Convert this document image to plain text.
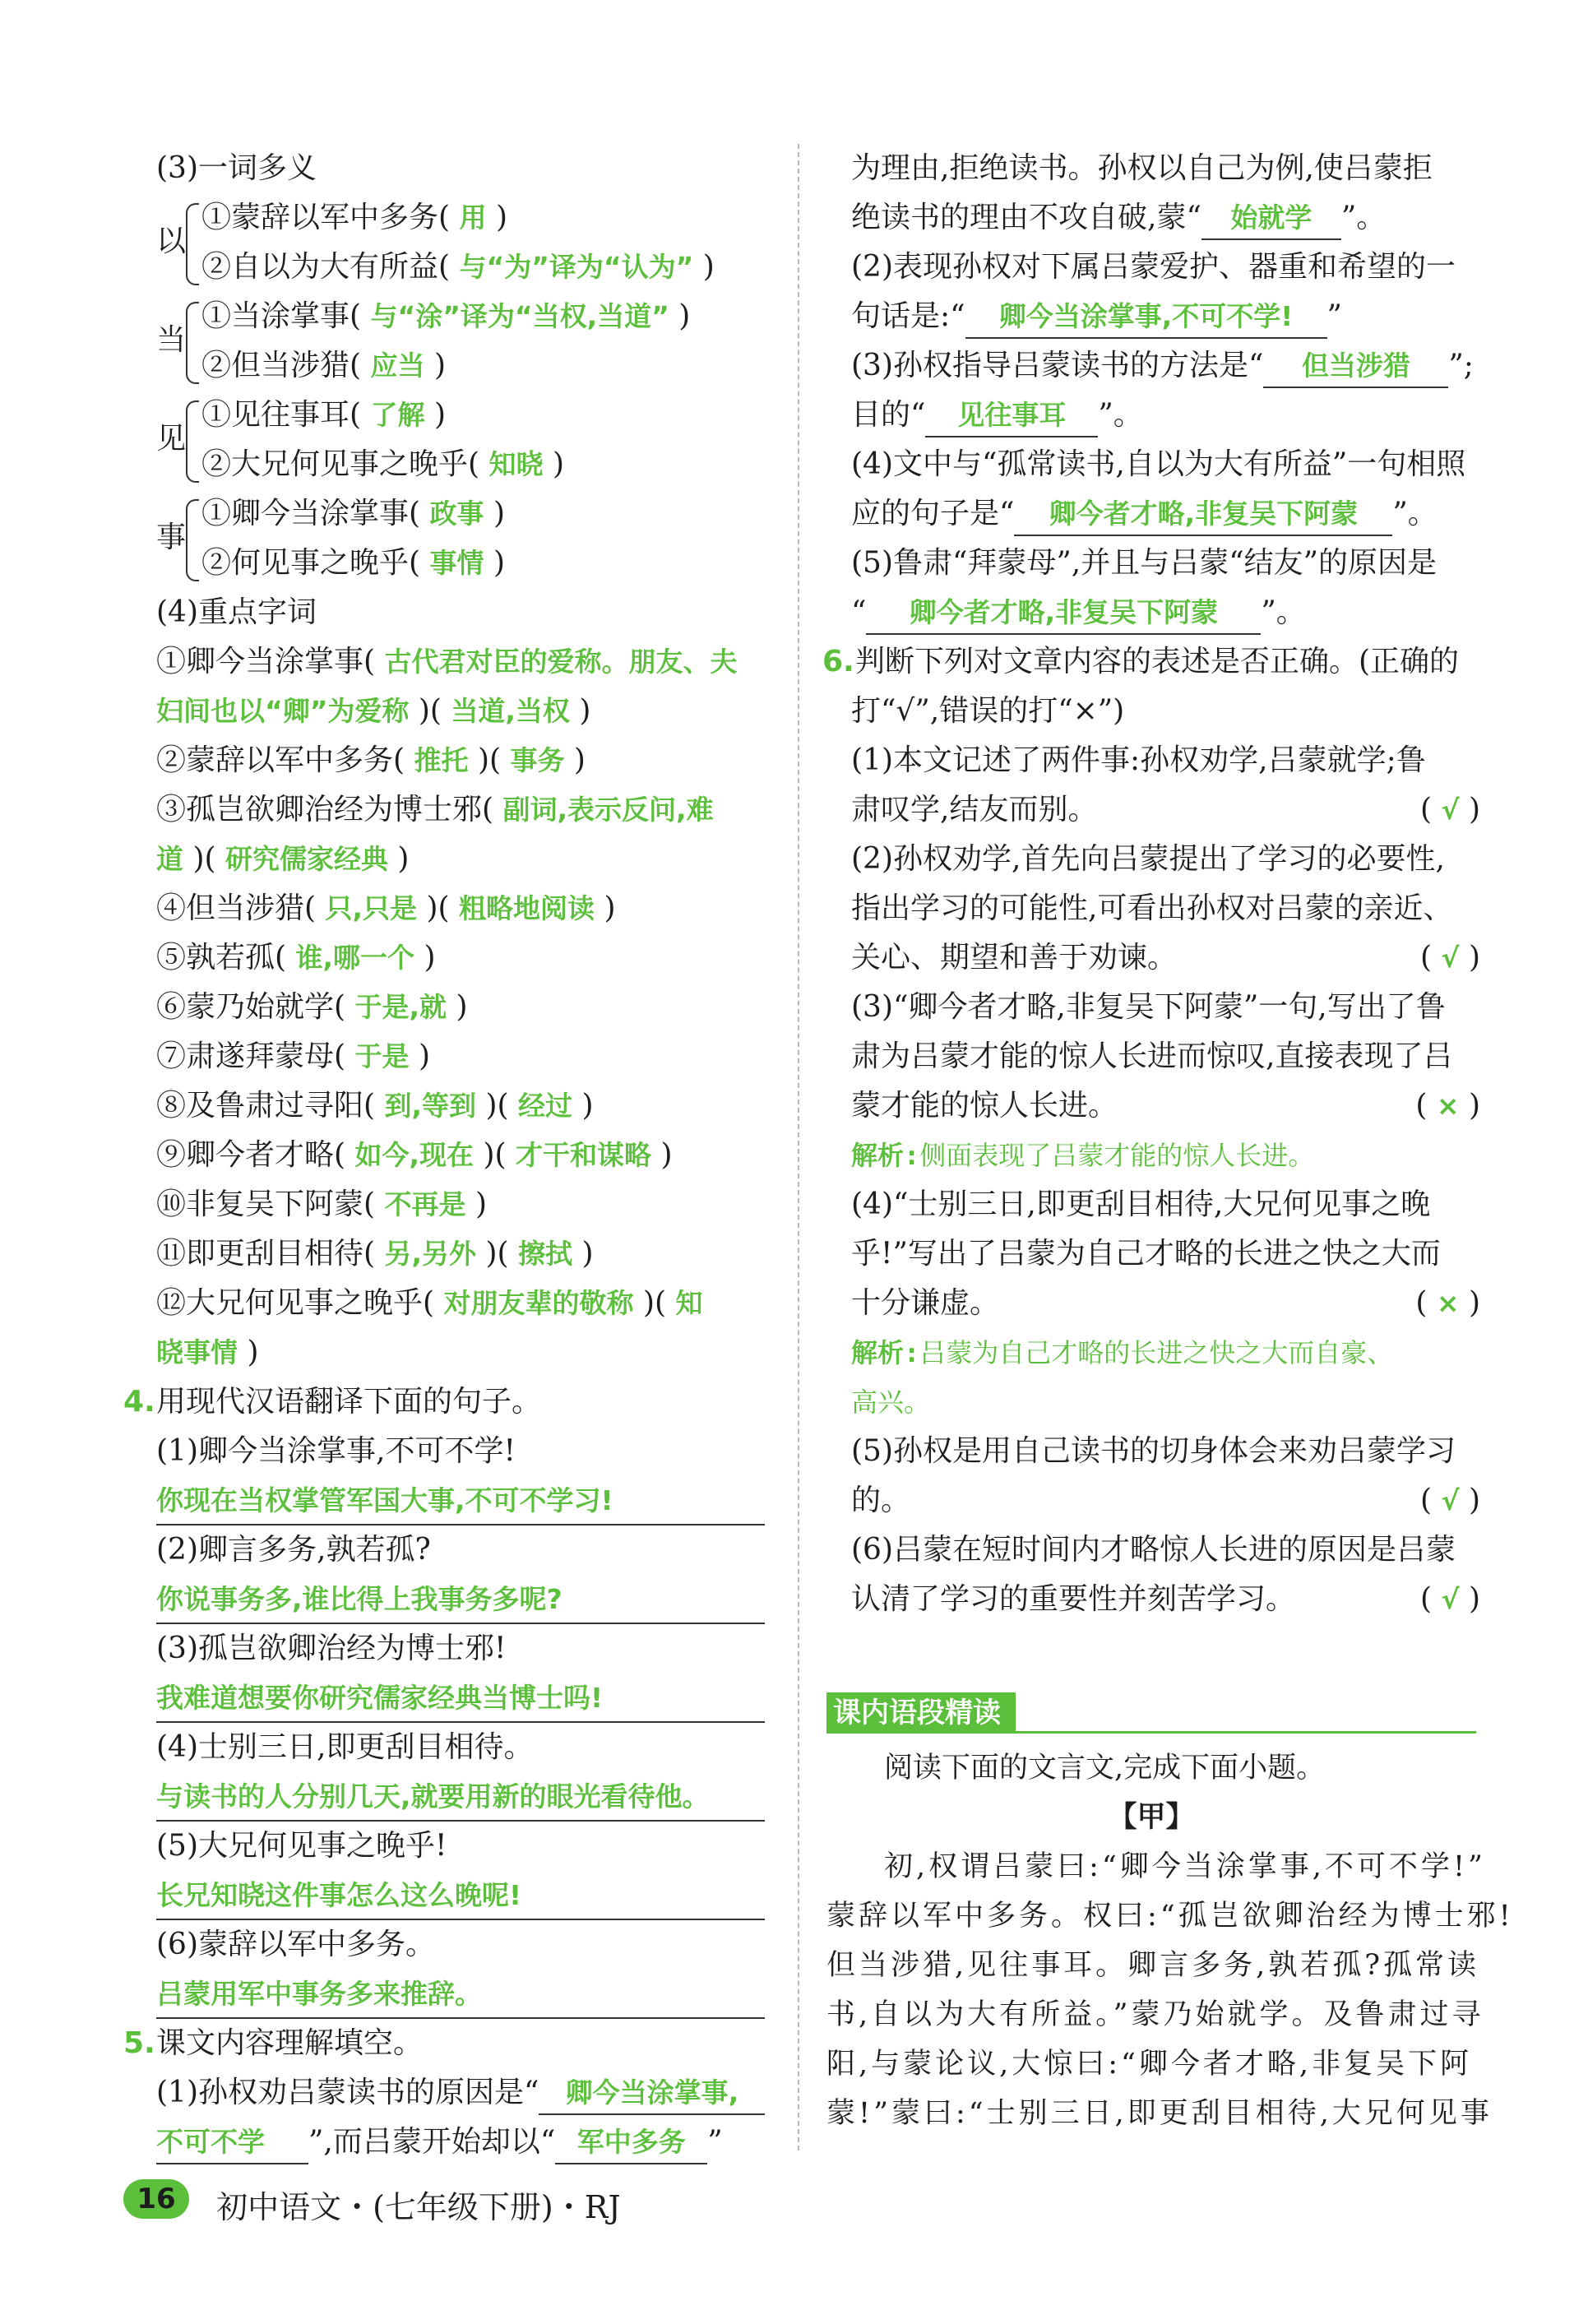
(3)一词多义
以
①蒙辞以军中多务( 用 )
②自以为大有所益( 与“为”译为“认为” )
当
①当涂掌事( 与“涂”译为“当权,当道” )
②但当涉猎( 应当 )
见
①见往事耳( 了解 )
②大兄何见事之晚乎( 知晓 )
事
①卿今当涂掌事( 政事 )
②何见事之晚乎( 事情 )
(4)重点字词
①卿今当涂掌事( 古代君对臣的爱称。朋友、夫
妇间也以“卿”为爱称 )( 当道,当权 )
②蒙辞以军中多务( 推托 )( 事务 )
③孤岂欲卿治经为博士邪( 副词,表示反问,难
道 )( 研究儒家经典 )
④但当涉猎( 只,只是 )( 粗略地阅读 )
⑤孰若孤( 谁,哪一个 )
⑥蒙乃始就学( 于是,就 )
⑦肃遂拜蒙母( 于是 )
⑧及鲁肃过寻阳( 到,等到 )( 经过 )
⑨卿今者才略( 如今,现在 )( 才干和谋略 )
⑩非复吴下阿蒙( 不再是 )
⑪即更刮目相待( 另,另外 )( 擦拭 )
⑫大兄何见事之晚乎( 对朋友辈的敬称 )( 知
晓事情 )
4.用现代汉语翻译下面的句子。
(1)卿今当涂掌事,不可不学!
你现在当权掌管军国大事,不可不学习!
(2)卿言多务,孰若孤?
你说事务多,谁比得上我事务多呢?
(3)孤岂欲卿治经为博士邪!
我难道想要你研究儒家经典当博士吗!
(4)士别三日,即更刮目相待。
与读书的人分别几天,就要用新的眼光看待他。
(5)大兄何见事之晚乎!
长兄知晓这件事怎么这么晚呢!
(6)蒙辞以军中多务。
吕蒙用军中事务多来推辞。
5.课文内容理解填空。
(1)孙权劝吕蒙读书的原因是“ 卿今当涂掌事,
不可不学 ”,而吕蒙开始却以“ 军中多务 ”
为理由,拒绝读书。孙权以自己为例,使吕蒙拒
绝读书的理由不攻自破,蒙“ 始就学 ”。
(2)表现孙权对下属吕蒙爱护、器重和希望的一
句话是:“ 卿今当涂掌事,不可不学! ”
(3)孙权指导吕蒙读书的方法是“ 但当涉猎 ”;
目的“ 见往事耳 ”。
(4)文中与“孤常读书,自以为大有所益”一句相照
应的句子是“ 卿今者才略,非复吴下阿蒙 ”。
(5)鲁肃“拜蒙母”,并且与吕蒙“结友”的原因是
“ 卿今者才略,非复吴下阿蒙 ”。
6.判断下列对文章内容的表述是否正确。(正确的
打“√”,错误的打“×”)
(1)本文记述了两件事:孙权劝学,吕蒙就学;鲁
肃叹学,结友而别。	( √ )
(2)孙权劝学,首先向吕蒙提出了学习的必要性,
指出学习的可能性,可看出孙权对吕蒙的亲近、
关心、期望和善于劝谏。	( √ )
(3)“卿今者才略,非复吴下阿蒙”一句,写出了鲁
肃为吕蒙才能的惊人长进而惊叹,直接表现了吕
蒙才能的惊人长进。	( × )
解析:侧面表现了吕蒙才能的惊人长进。
(4)“士别三日,即更刮目相待,大兄何见事之晚
乎!”写出了吕蒙为自己才略的长进之快之大而
十分谦虚。	( × )
解析:吕蒙为自己才略的长进之快之大而自豪、
高兴。
(5)孙权是用自己读书的切身体会来劝吕蒙学习
的。	( √ )
(6)吕蒙在短时间内才略惊人长进的原因是吕蒙
认清了学习的重要性并刻苦学习。	( √ )
课内语段精读
阅读下面的文言文,完成下面小题。
【甲】
初,权谓吕蒙曰:“卿今当涂掌事,不可不学!”
蒙辞以军中多务。权曰:“孤岂欲卿治经为博士邪!
但当涉猎,见往事耳。卿言多务,孰若孤?孤常读
书,自以为大有所益。”蒙乃始就学。及鲁肃过寻
阳,与蒙论议,大惊曰:“卿今者才略,非复吴下阿
蒙!”蒙曰:“士别三日,即更刮目相待,大兄何见事
16 初中语文・(七年级下册)・RJ
